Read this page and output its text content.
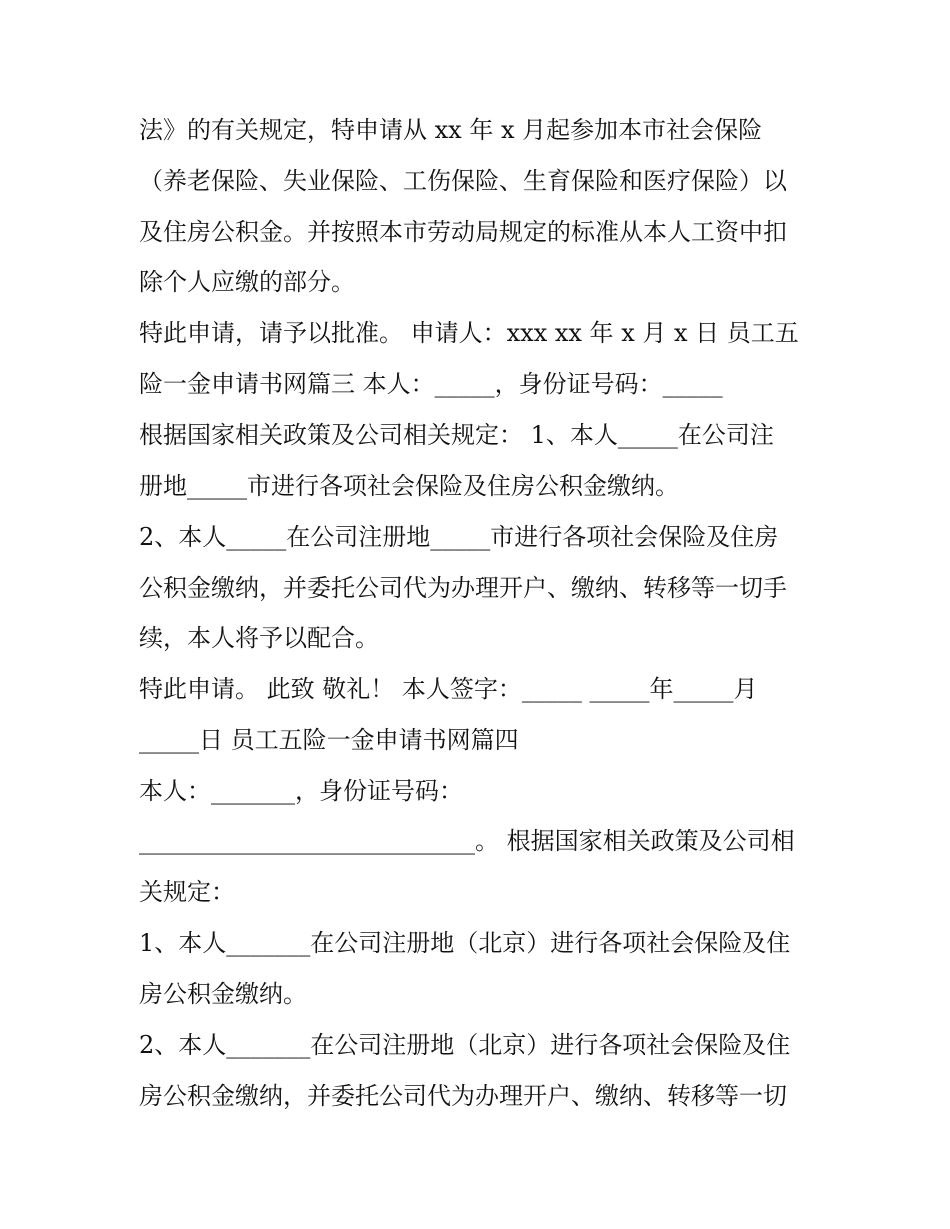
法》的有关规定，特申请从 xx 年 x 月起参加本市社会保险
（养老保险、失业保险、工伤保险、生育保险和医疗保险）以
及住房公积金。并按照本市劳动局规定的标准从本人工资中扣
除个人应缴的部分。
特此申请，请予以批准。 申请人：xxx xx 年 x 月 x 日 员工五
险一金申请书网篇三 本人：_____，身份证号码：_____
根据国家相关政策及公司相关规定： 1、本人_____在公司注
册地_____市进行各项社会保险及住房公积金缴纳。
2、本人_____在公司注册地_____市进行各项社会保险及住房
公积金缴纳，并委托公司代为办理开户、缴纳、转移等一切手
续，本人将予以配合。
特此申请。 此致 敬礼！ 本人签字：_____ _____年_____月
_____日 员工五险一金申请书网篇四
本人：_______，身份证号码：
____________________________。 根据国家相关政策及公司相
关规定：
1、本人_______在公司注册地（北京）进行各项社会保险及住
房公积金缴纳。
2、本人_______在公司注册地（北京）进行各项社会保险及住
房公积金缴纳，并委托公司代为办理开户、缴纳、转移等一切
